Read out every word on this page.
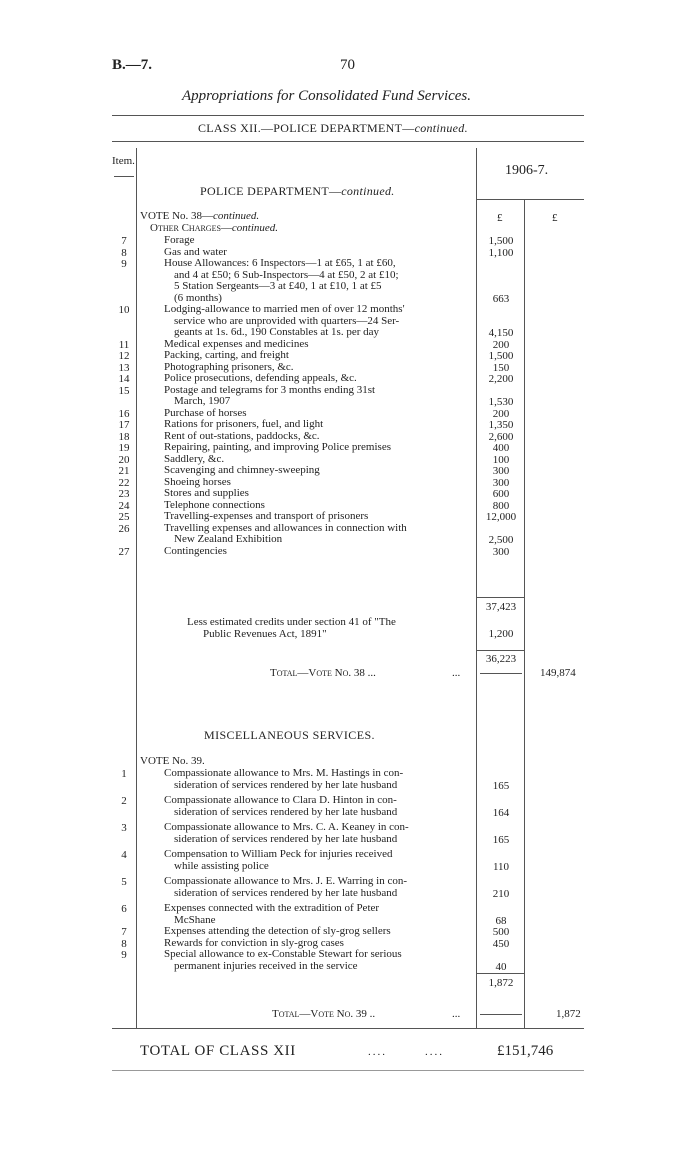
B.—7.	70
Appropriations for Consolidated Fund Services.
CLASS XII.—POLICE DEPARTMENT—continued.
Item.
1906-7.
POLICE DEPARTMENT—continued.
VOTE No. 38—continued.
Other Charges—continued.
£	£
7	Forage	1,500
8	Gas and water	1,100
9	House Allowances: 6 Inspectors—1 at £65, 1 at £60,
and 4 at £50; 6 Sub-Inspectors—4 at £50, 2 at £10;
5 Station Sergeants—3 at £40, 1 at £10, 1 at £5
(6 months)	663
10	Lodging-allowance to married men of over 12 months'
service who are unprovided with quarters—24 Ser-
geants at 1s. 6d., 190 Constables at 1s. per day	4,150
11	Medical expenses and medicines	200
12	Packing, carting, and freight	1,500
13	Photographing prisoners, &c.	150
14	Police prosecutions, defending appeals, &c.	2,200
15	Postage and telegrams for 3 months ending 31st
March, 1907	1,530
16	Purchase of horses	200
17	Rations for prisoners, fuel, and light	1,350
18	Rent of out-stations, paddocks, &c.	2,600
19	Repairing, painting, and improving Police premises	400
20	Saddlery, &c.	100
21	Scavenging and chimney-sweeping	300
22	Shoeing horses	300
23	Stores and supplies	600
24	Telephone connections	800
25	Travelling-expenses and transport of prisoners	12,000
26	Travelling expenses and allowances in connection with
New Zealand Exhibition	2,500
27	Contingencies	300
37,423
Less estimated credits under section 41 of "The
Public Revenues Act, 1891"	1,200
36,223
Total—Vote No. 38 ...	...	149,874
MISCELLANEOUS SERVICES.
VOTE No. 39.
1	Compassionate allowance to Mrs. M. Hastings in con-
sideration of services rendered by her late husband	165
2	Compassionate allowance to Clara D. Hinton in con-
sideration of services rendered by her late husband	164
3	Compassionate allowance to Mrs. C. A. Keaney in con-
sideration of services rendered by her late husband	165
4	Compensation to William Peck for injuries received
while assisting police	110
5	Compassionate allowance to Mrs. J. E. Warring in con-
sideration of services rendered by her late husband	210
6	Expenses connected with the extradition of Peter
McShane	68
7	Expenses attending the detection of sly-grog sellers	500
8	Rewards for conviction in sly-grog cases	450
9	Special allowance to ex-Constable Stewart for serious
permanent injuries received in the service	40
1,872
Total—Vote No. 39 ..	...	1,872
TOTAL OF CLASS XII	....        ....	£151,746
